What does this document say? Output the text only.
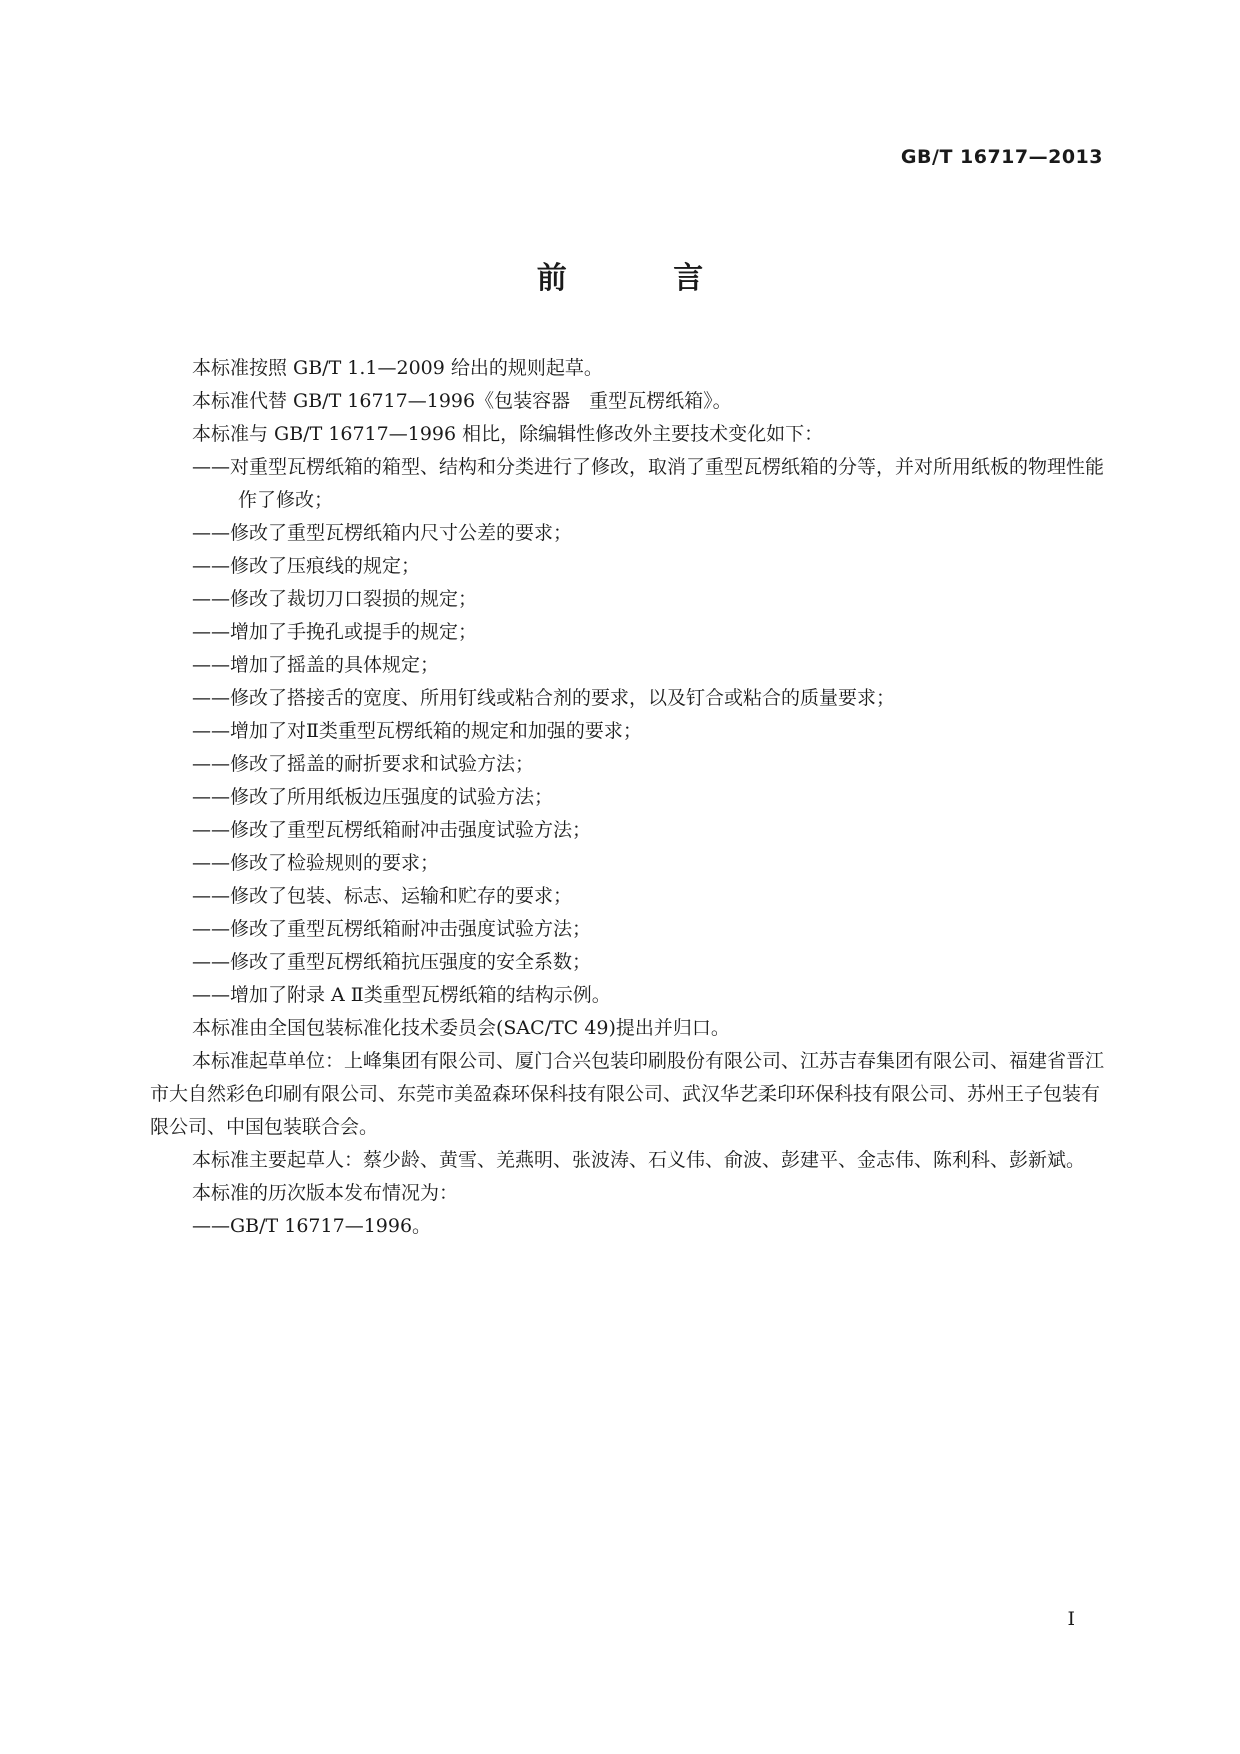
GB/T 16717—2013
前 言

本标准按照 GB/T 1.1—2009 给出的规则起草。

本标准代替 GB/T 16717—1996《包装容器　重型瓦楞纸箱》。

本标准与 GB/T 16717—1996 相比，除编辑性修改外主要技术变化如下：

——对重型瓦楞纸箱的箱型、结构和分类进行了修改，取消了重型瓦楞纸箱的分等，并对所用纸板的物理性能作了修改；

——修改了重型瓦楞纸箱内尺寸公差的要求；

——修改了压痕线的规定；

——修改了裁切刀口裂损的规定；

——增加了手挽孔或提手的规定；

——增加了摇盖的具体规定；

——修改了搭接舌的宽度、所用钉线或粘合剂的要求，以及钉合或粘合的质量要求；

——增加了对Ⅱ类重型瓦楞纸箱的规定和加强的要求；

——修改了摇盖的耐折要求和试验方法；

——修改了所用纸板边压强度的试验方法；

——修改了重型瓦楞纸箱耐冲击强度试验方法；

——修改了检验规则的要求；

——修改了包装、标志、运输和贮存的要求；

——修改了重型瓦楞纸箱耐冲击强度试验方法；

——修改了重型瓦楞纸箱抗压强度的安全系数；

——增加了附录 A Ⅱ类重型瓦楞纸箱的结构示例。

本标准由全国包装标准化技术委员会(SAC/TC 49)提出并归口。

本标准起草单位：上峰集团有限公司、厦门合兴包装印刷股份有限公司、江苏吉春集团有限公司、福建省晋江市大自然彩色印刷有限公司、东莞市美盈森环保科技有限公司、武汉华艺柔印环保科技有限公司、苏州王子包装有限公司、中国包装联合会。

本标准主要起草人：蔡少龄、黄雪、羌燕明、张波涛、石义伟、俞波、彭建平、金志伟、陈利科、彭新斌。

本标准的历次版本发布情况为：

——GB/T 16717—1996。

I
